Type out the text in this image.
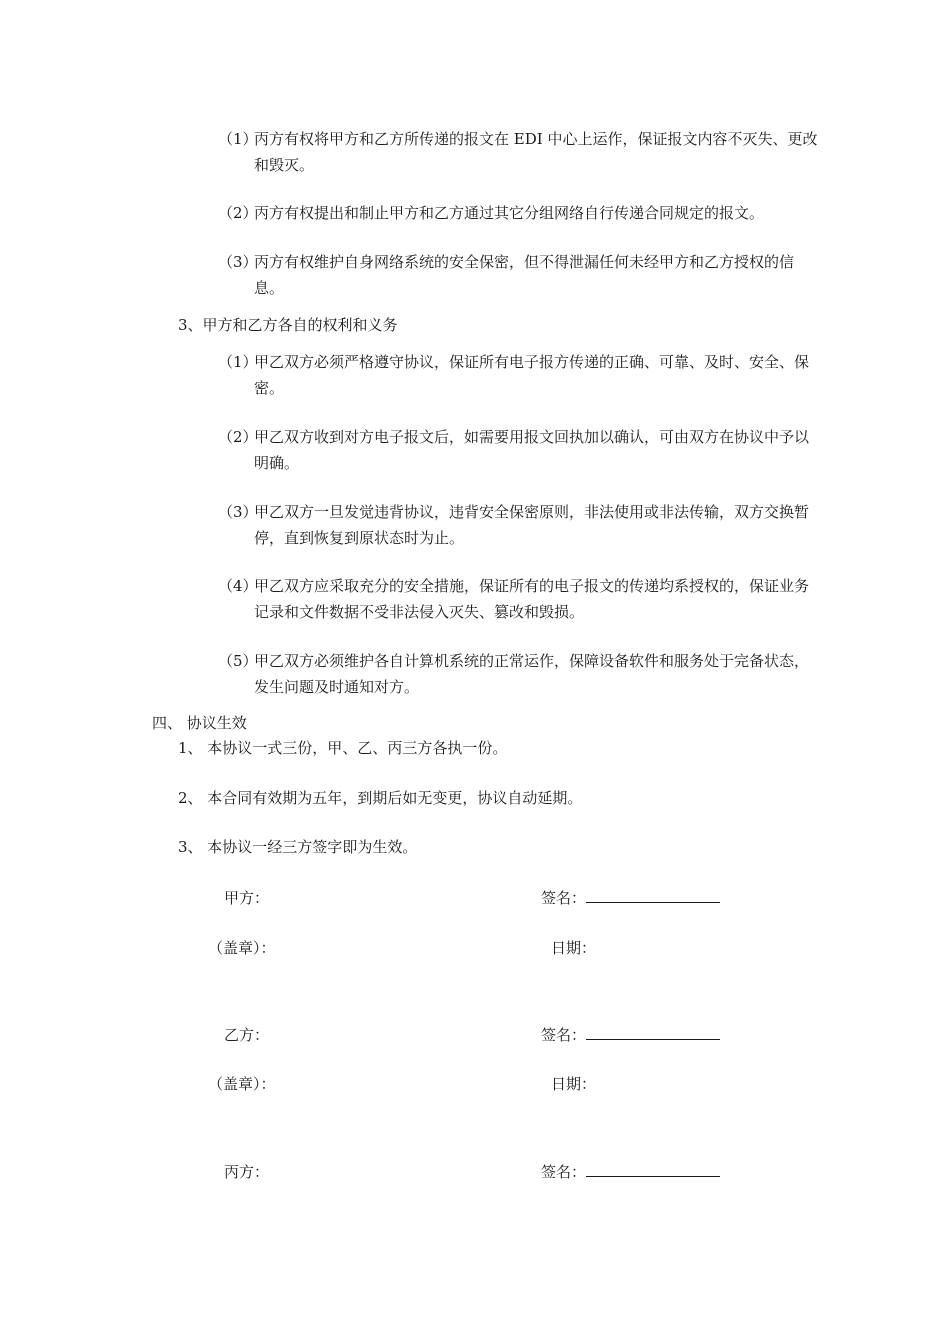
（1）
丙方有权将甲方和乙方所传递的报文在 EDI 中心上运作，保证报文内容不灭失、更改和毁灭。
（2）
丙方有权提出和制止甲方和乙方通过其它分组网络自行传递合同规定的报文。
（3）
丙方有权维护自身网络系统的安全保密，但不得泄漏任何未经甲方和乙方授权的信息。
3、甲方和乙方各自的权利和义务
（1）
甲乙双方必须严格遵守协议，保证所有电子报方传递的正确、可靠、及时、安全、保密。
（2）
甲乙双方收到对方电子报文后，如需要用报文回执加以确认，可由双方在协议中予以明确。
（3）
甲乙双方一旦发觉违背协议，违背安全保密原则，非法使用或非法传输，双方交换暂停，直到恢复到原状态时为止。
（4）
甲乙双方应采取充分的安全措施，保证所有的电子报文的传递均系授权的，保证业务记录和文件数据不受非法侵入灭失、篡改和毁损。
（5）
甲乙双方必须维护各自计算机系统的正常运作，保障设备软件和服务处于完备状态，发生问题及时通知对方。
四、 协议生效
1、 本协议一式三份，甲、乙、丙三方各执一份。
2、 本合同有效期为五年，到期后如无变更，协议自动延期。
3、 本协议一经三方签字即为生效。
甲方：	签名：
（盖章）：	日期：
乙方：	签名：
（盖章）：	日期：
丙方：	签名：
